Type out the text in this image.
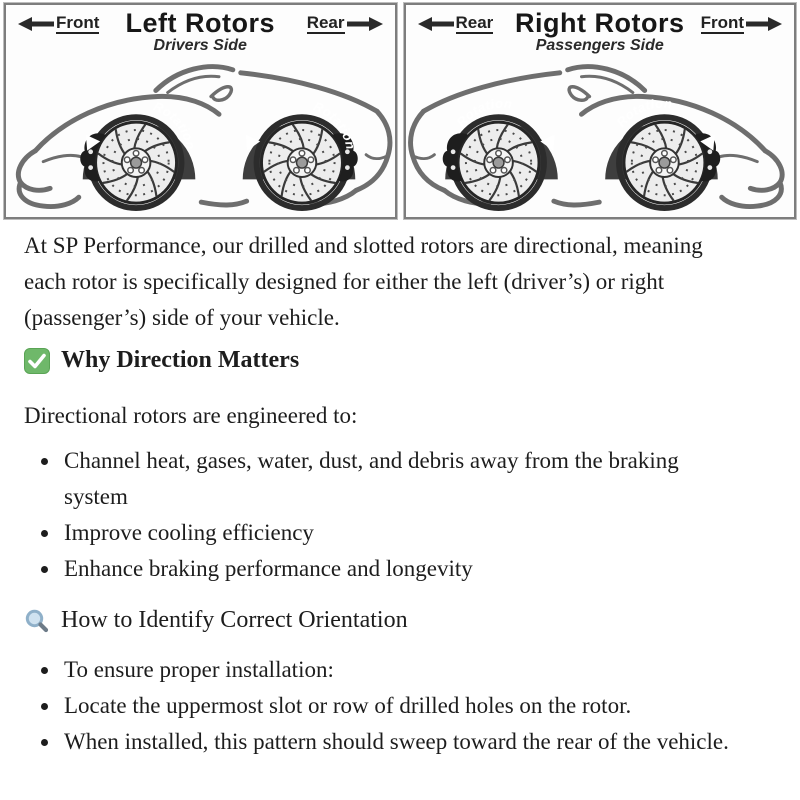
Front Left Rotors
Drivers Side
Rear	Rear Right Rotors
Passengers Side
Front

At SP Performance, our drilled and slotted rotors are directional, meaning each rotor is specifically designed for either the left (driver’s) or right (passenger’s) side of your vehicle.

Why Direction Matters

Directional rotors are engineered to:

Channel heat, gases, water, dust, and debris away from the braking system
Improve cooling efficiency
Enhance braking performance and longevity
How to Identify Correct Orientation
To ensure proper installation:
Locate the uppermost slot or row of drilled holes on the rotor.
When installed, this pattern should sweep toward the rear of the vehicle.
